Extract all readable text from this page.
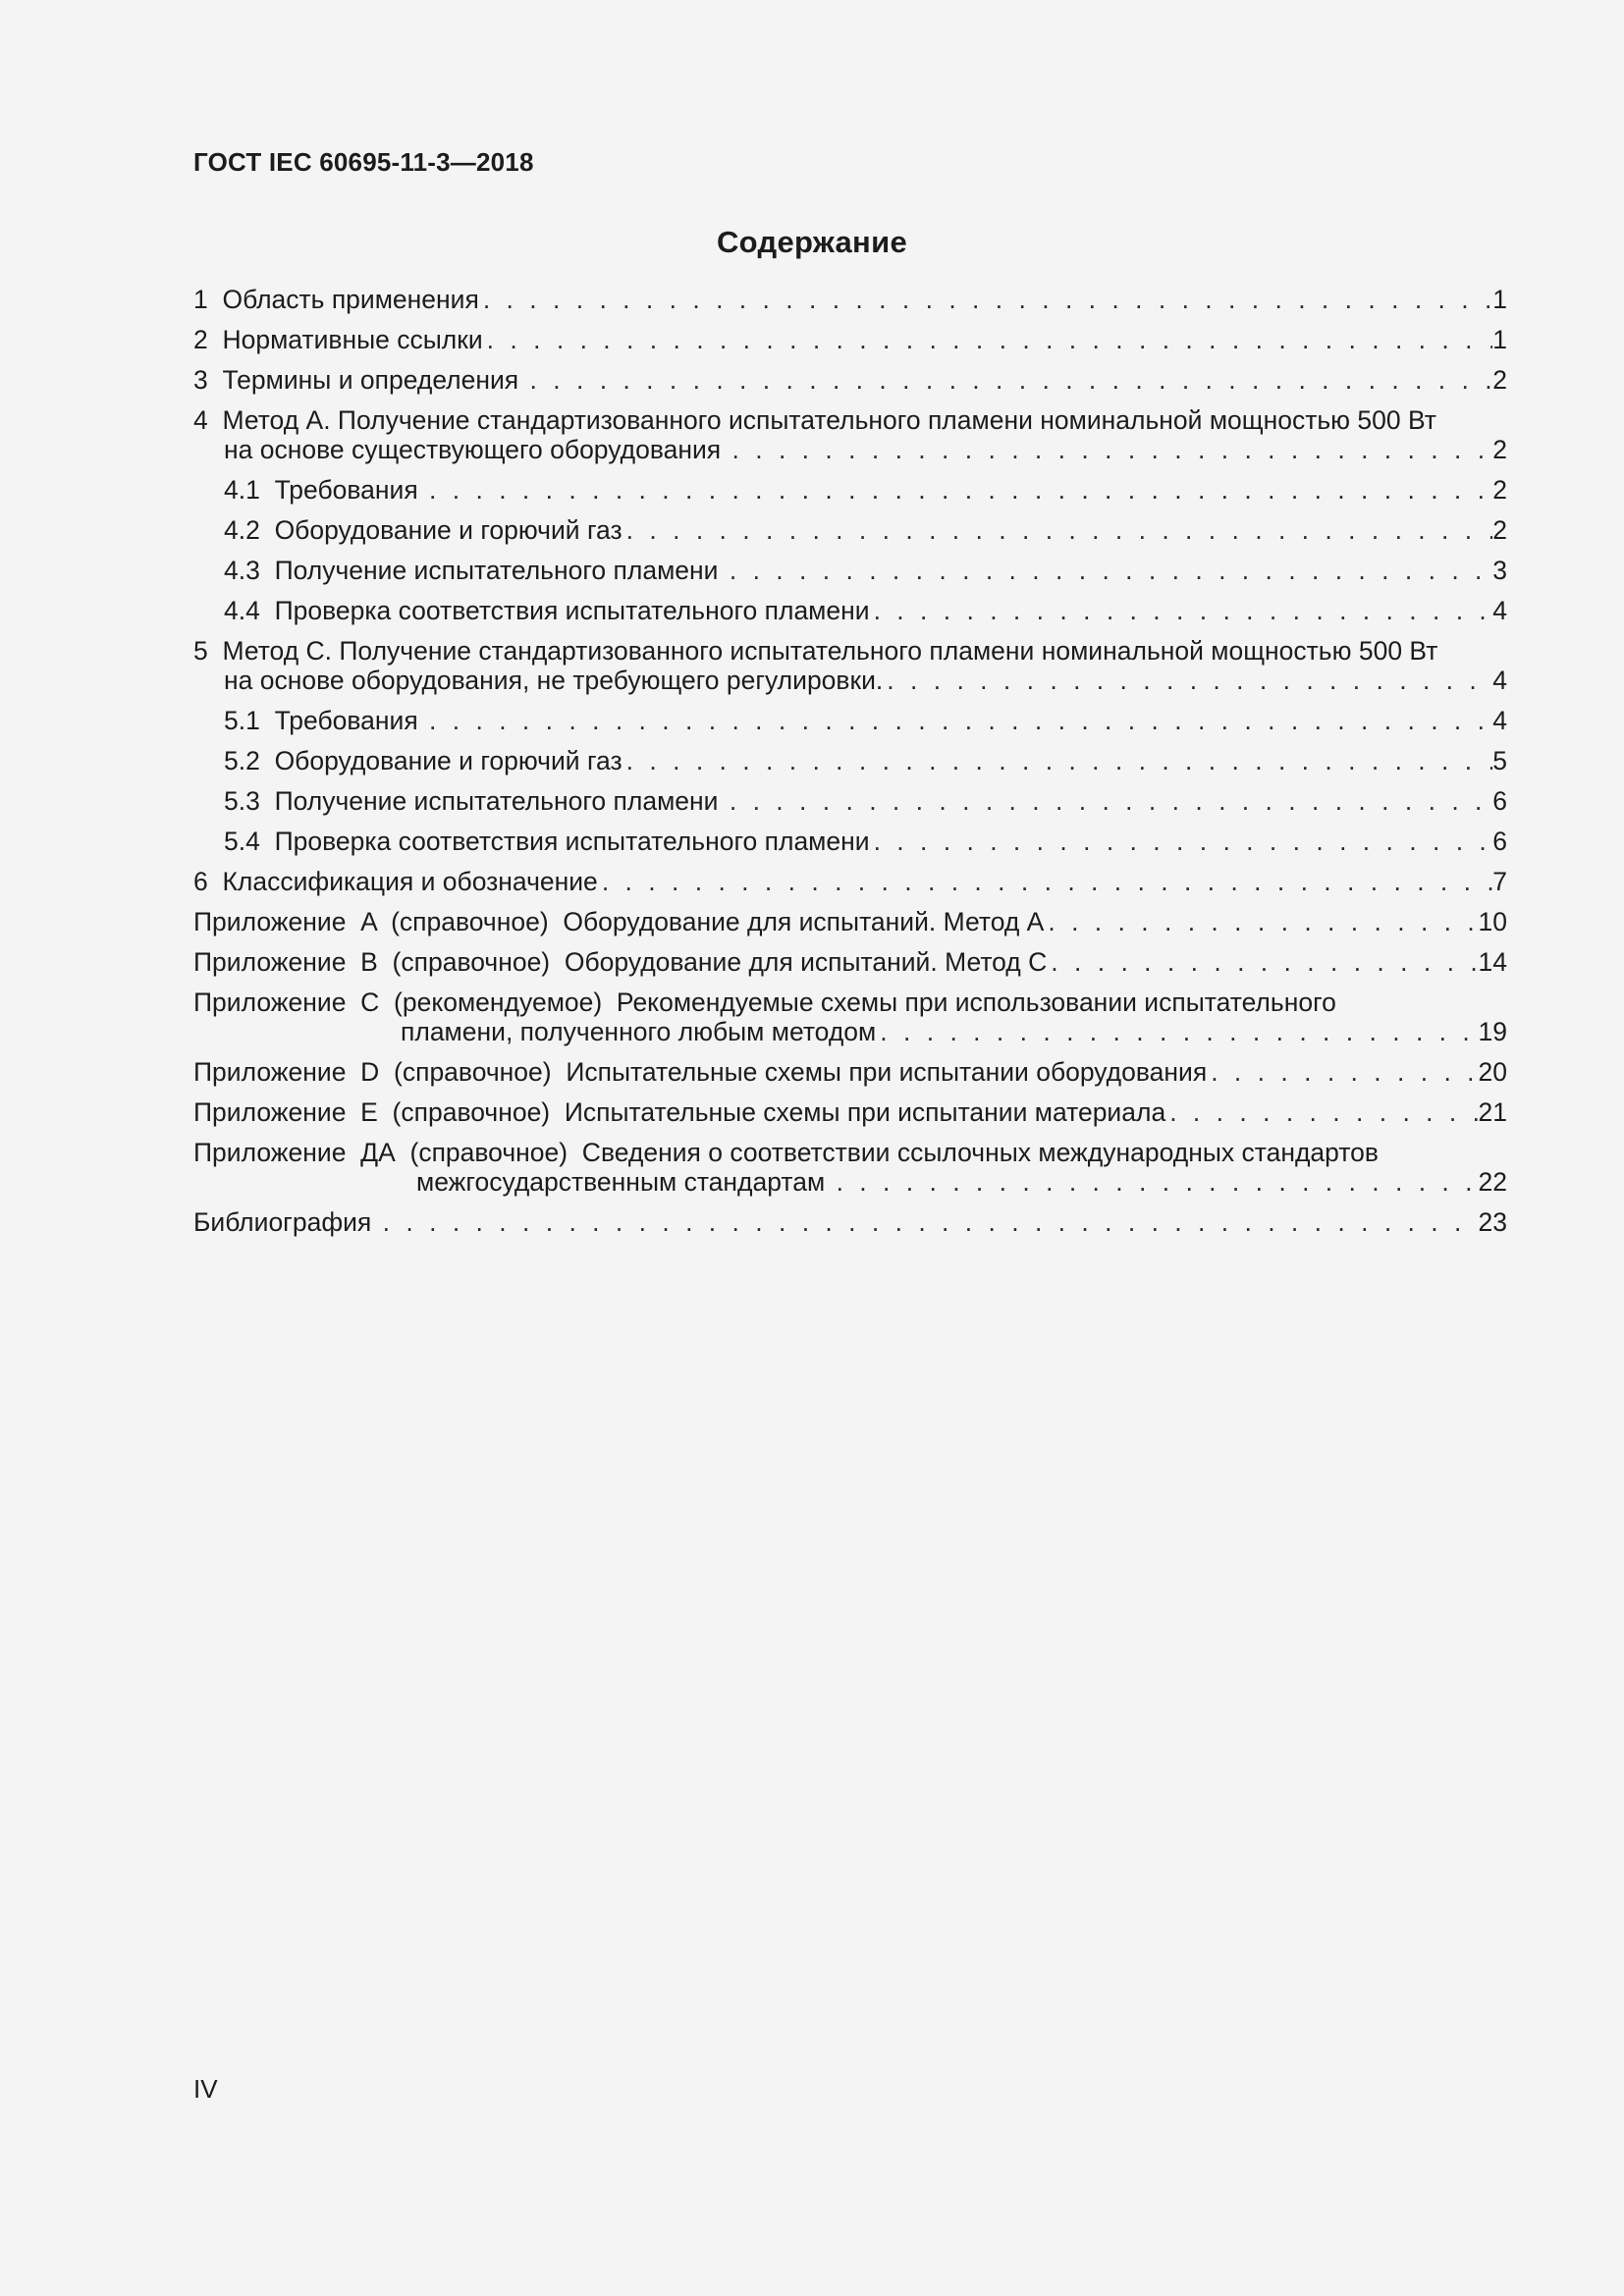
ГОСТ IEC 60695-11-3—2018
Содержание
1  Область применения . . .	1
2  Нормативные ссылки . . .	1
3  Термины и определения . . .	2
4  Метод A. Получение стандартизованного испытательного пламени номинальной мощностью 500 Вт
на основе существующего оборудования . . .	2
4.1  Требования . . .	2
4.2  Оборудование и горючий газ . . .	2
4.3  Получение испытательного пламени . . .	3
4.4  Проверка соответствия испытательного пламени . . .	4
5  Метод C. Получение стандартизованного испытательного пламени номинальной мощностью 500 Вт
на основе оборудования, не требующего регулировки. . . .	4
5.1  Требования . . .	4
5.2  Оборудование и горючий газ . . .	5
5.3  Получение испытательного пламени . . .	6
5.4  Проверка соответствия испытательного пламени . . .	6
6  Классификация и обозначение . . .	7
Приложение  A  (справочное)  Оборудование для испытаний. Метод A . . .	10
Приложение  B  (справочное)  Оборудование для испытаний. Метод C . . .	14
Приложение  C  (рекомендуемое)  Рекомендуемые схемы при использовании испытательного
пламени, полученного любым методом . . .	19
Приложение  D  (справочное)  Испытательные схемы при испытании оборудования . . .	20
Приложение  E  (справочное)  Испытательные схемы при испытании материала . . .	21
Приложение  ДА  (справочное)  Сведения о соответствии ссылочных международных стандартов
межгосударственным стандартам . . .	22
Библиография . . .	23
IV
